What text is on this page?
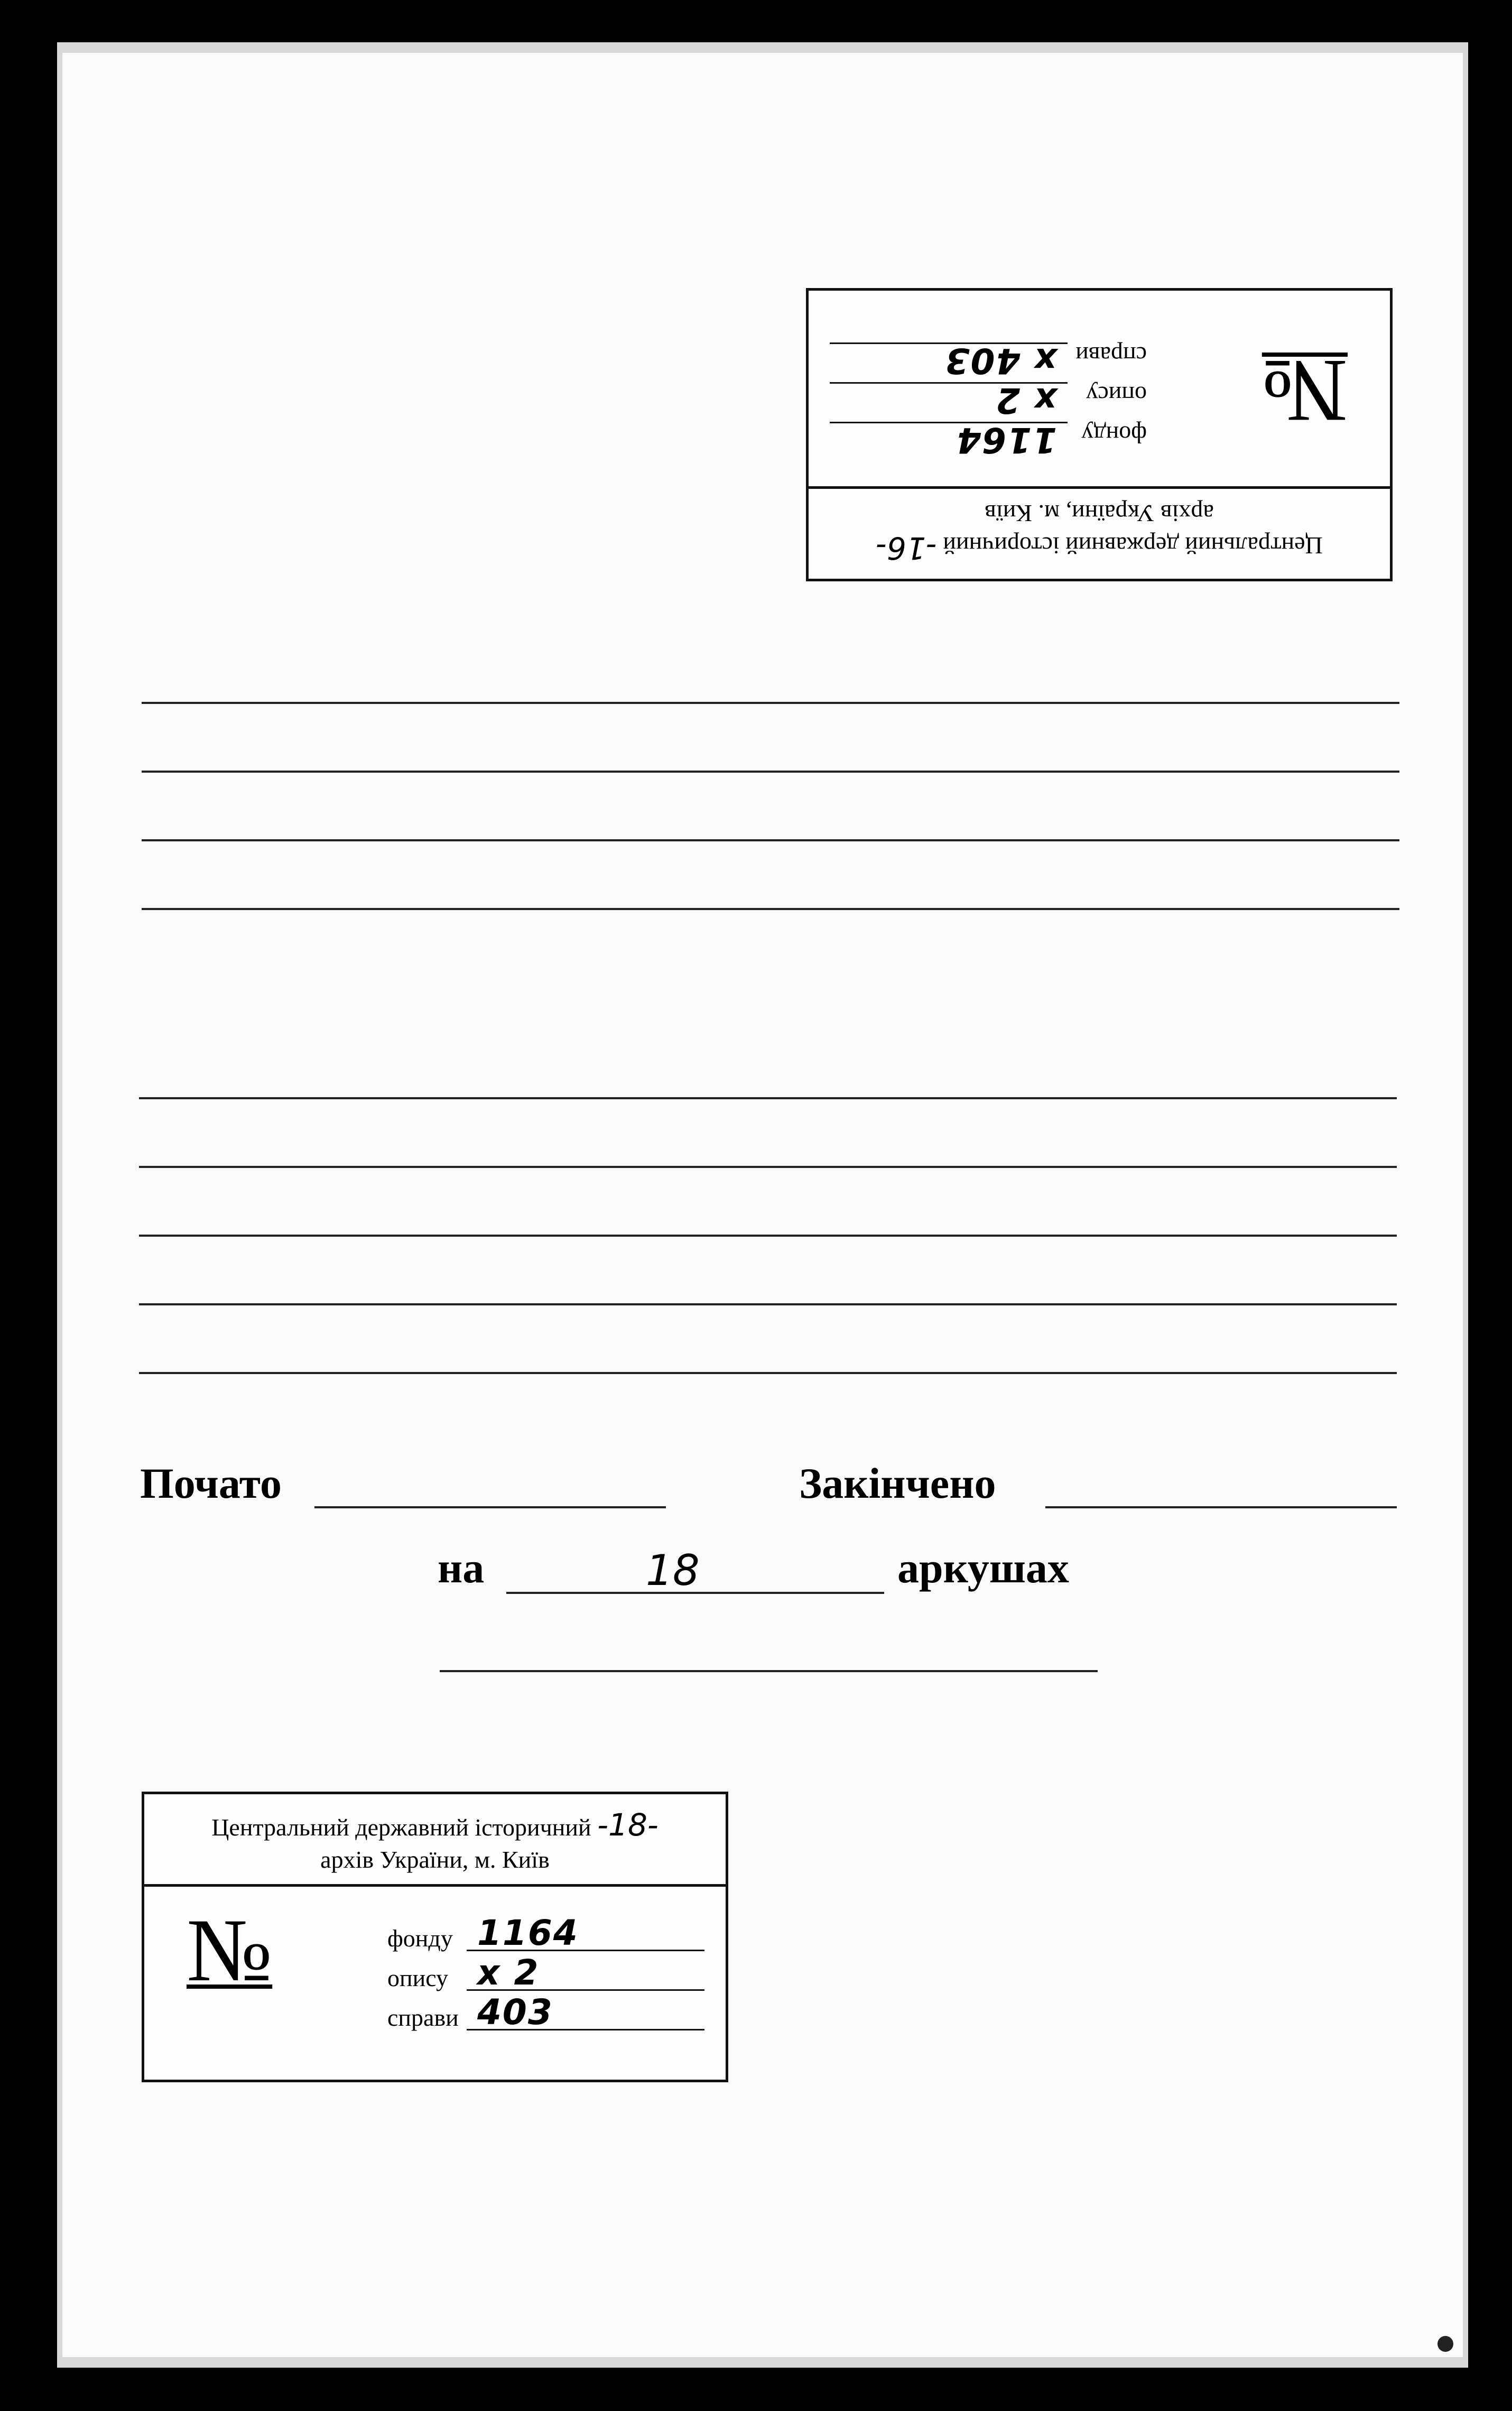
Центральний державний історичний -16-
архів України, м. Київ
№
фонду
1164
опису
x 2
справи
x 403
Почато	Закінчено
на	18	аркушах
Центральний державний історичний -18-
архів України, м. Київ
№	фонду 1164
опису x 2
справи 403
